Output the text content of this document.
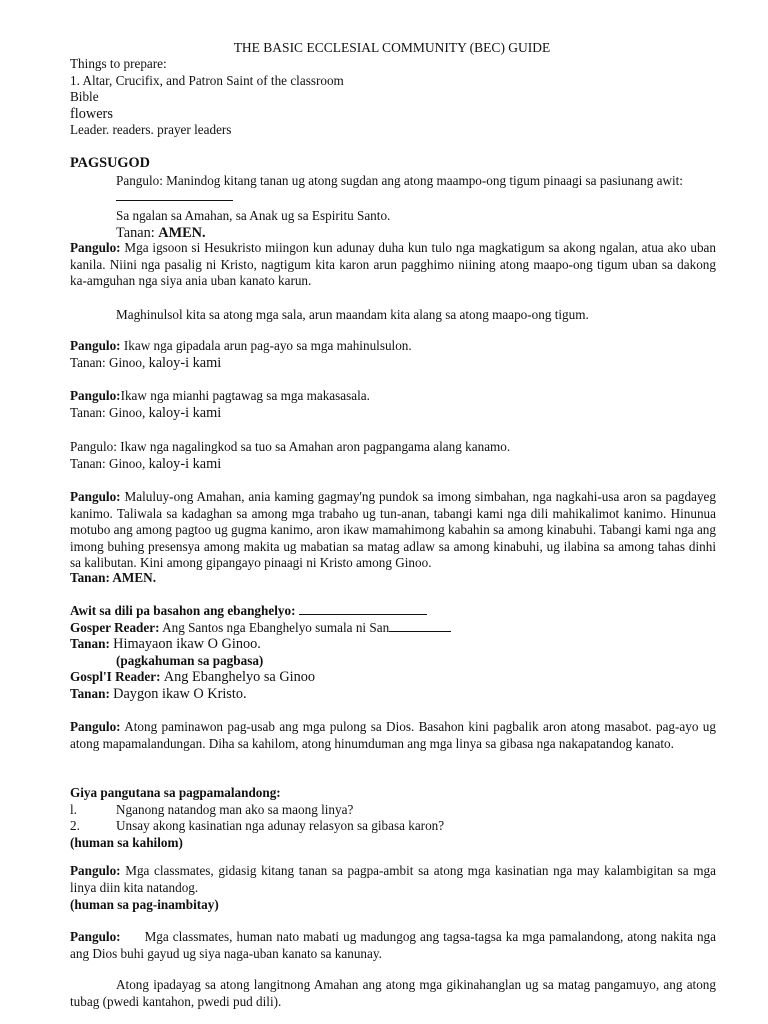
THE BASIC ECCLESIAL COMMUNITY (BEC) GUIDE
Things to prepare:
1. Altar, Crucifix, and Patron Saint of the classroom
Bible
flowers
Leader. readers. prayer leaders
PAGSUGOD
Pangulo: Manindog kitang tanan ug atong sugdan ang atong maampo-ong tigum pinaagi sa pasiunang awit:
Sa ngalan sa Amahan, sa Anak ug sa Espiritu Santo.
Tanan: AMEN.
Pangulo: Mga igsoon si Hesukristo miingon kun adunay duha kun tulo nga magkatigum sa akong ngalan, atua ako uban kanila. Niini nga pasalig ni Kristo, nagtigum kita karon arun pagghimo niining atong maapo-ong tigum uban sa dakong ka-amguhan nga siya ania uban kanato karun.
Maghinulsol kita sa atong mga sala, arun maandam kita alang sa atong maapo-ong tigum.
Pangulo: Ikaw nga gipadala arun pag-ayo sa mga mahinulsulon.
Tanan: Ginoo, kaloy-i kami
Pangulo:Ikaw nga mianhi pagtawag sa mga makasasala.
Tanan: Ginoo, kaloy-i kami
Pangulo: Ikaw nga nagalingkod sa tuo sa Amahan aron pagpangama alang kanamo.
Tanan: Ginoo, kaloy-i kami
Pangulo: Maluluy-ong Amahan, ania kaming gagmay'ng pundok sa imong simbahan, nga nagkahi-usa aron sa pagdayeg kanimo. Taliwala sa kadaghan sa among mga trabaho ug tun-anan, tabangi kami nga dili mahikalimot kanimo. Hinunua motubo ang among pagtoo ug gugma kanimo, aron ikaw mamahimong kabahin sa among kinabuhi. Tabangi kami nga ang imong buhing presensya among makita ug mabatian sa matag adlaw sa among kinabuhi, ug ilabina sa among tahas dinhi sa kalibutan. Kini among gipangayo pinaagi ni Kristo among Ginoo.
Tanan: AMEN.
Awit sa dili pa basahon ang ebanghelyo:
Gosper Reader: Ang Santos nga Ebanghelyo sumala ni San
Tanan: Himayaon ikaw O Ginoo.
(pagkahuman sa pagbasa)
Gospl'I Reader: Ang Ebanghelyo sa Ginoo
Tanan: Daygon ikaw O Kristo.
Pangulo: Atong paminawon pag-usab ang mga pulong sa Dios. Basahon kini pagbalik aron atong masabot. pag-ayo ug atong mapamalandungan. Diha sa kahilom, atong hinumduman ang mga linya sa gibasa nga nakapatandog kanato.
Giya pangutana sa pagpamalandong:
l.	Nganong natandog man ako sa maong linya?
2.	Unsay akong kasinatian nga adunay relasyon sa gibasa karon?
(human sa kahilom)
Pangulo: Mga classmates, gidasig kitang tanan sa pagpa-ambit sa atong mga kasinatian nga may kalambigitan sa mga linya diin kita natandog.
(human sa pag-inambitay)
Pangulo: Mga classmates, human nato mabati ug madungog ang tagsa-tagsa ka mga pamalandong, atong nakita nga ang Dios buhi gayud ug siya naga-uban kanato sa kanunay.
Atong ipadayag sa atong langitnong Amahan ang atong mga gikinahanglan ug sa matag pangamuyo, ang atong tubag (pwedi kantahon, pwedi pud dili).
